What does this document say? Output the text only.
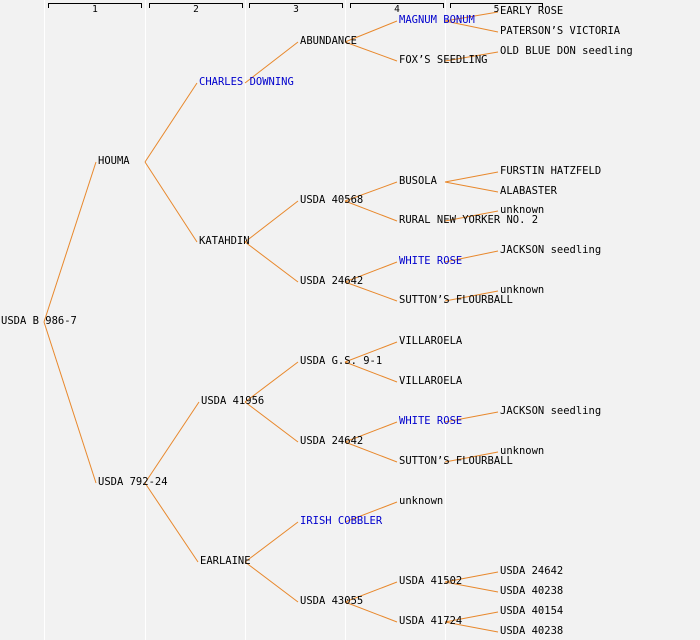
1	2	3	4	5
USDA B 986-7
HOUMA
USDA 792-24
CHARLES DOWNING
KATAHDIN
USDA 41956
EARLAINE
ABUNDANCE
USDA 40568
USDA 24642
USDA G.S. 9-1
USDA 24642
IRISH COBBLER
USDA 43055
MAGNUM BONUM
FOX’S SEEDLING
BUSOLA
RURAL NEW YORKER NO. 2
WHITE ROSE
SUTTON’S FLOURBALL
VILLAROELA
VILLAROELA
WHITE ROSE
SUTTON’S FLOURBALL
unknown
USDA 41502
USDA 41724
EARLY ROSE
PATERSON’S VICTORIA
OLD BLUE DON seedling
FURSTIN HATZFELD
ALABASTER
unknown
JACKSON seedling
unknown
JACKSON seedling
unknown
USDA 24642
USDA 40238
USDA 40154
USDA 40238
